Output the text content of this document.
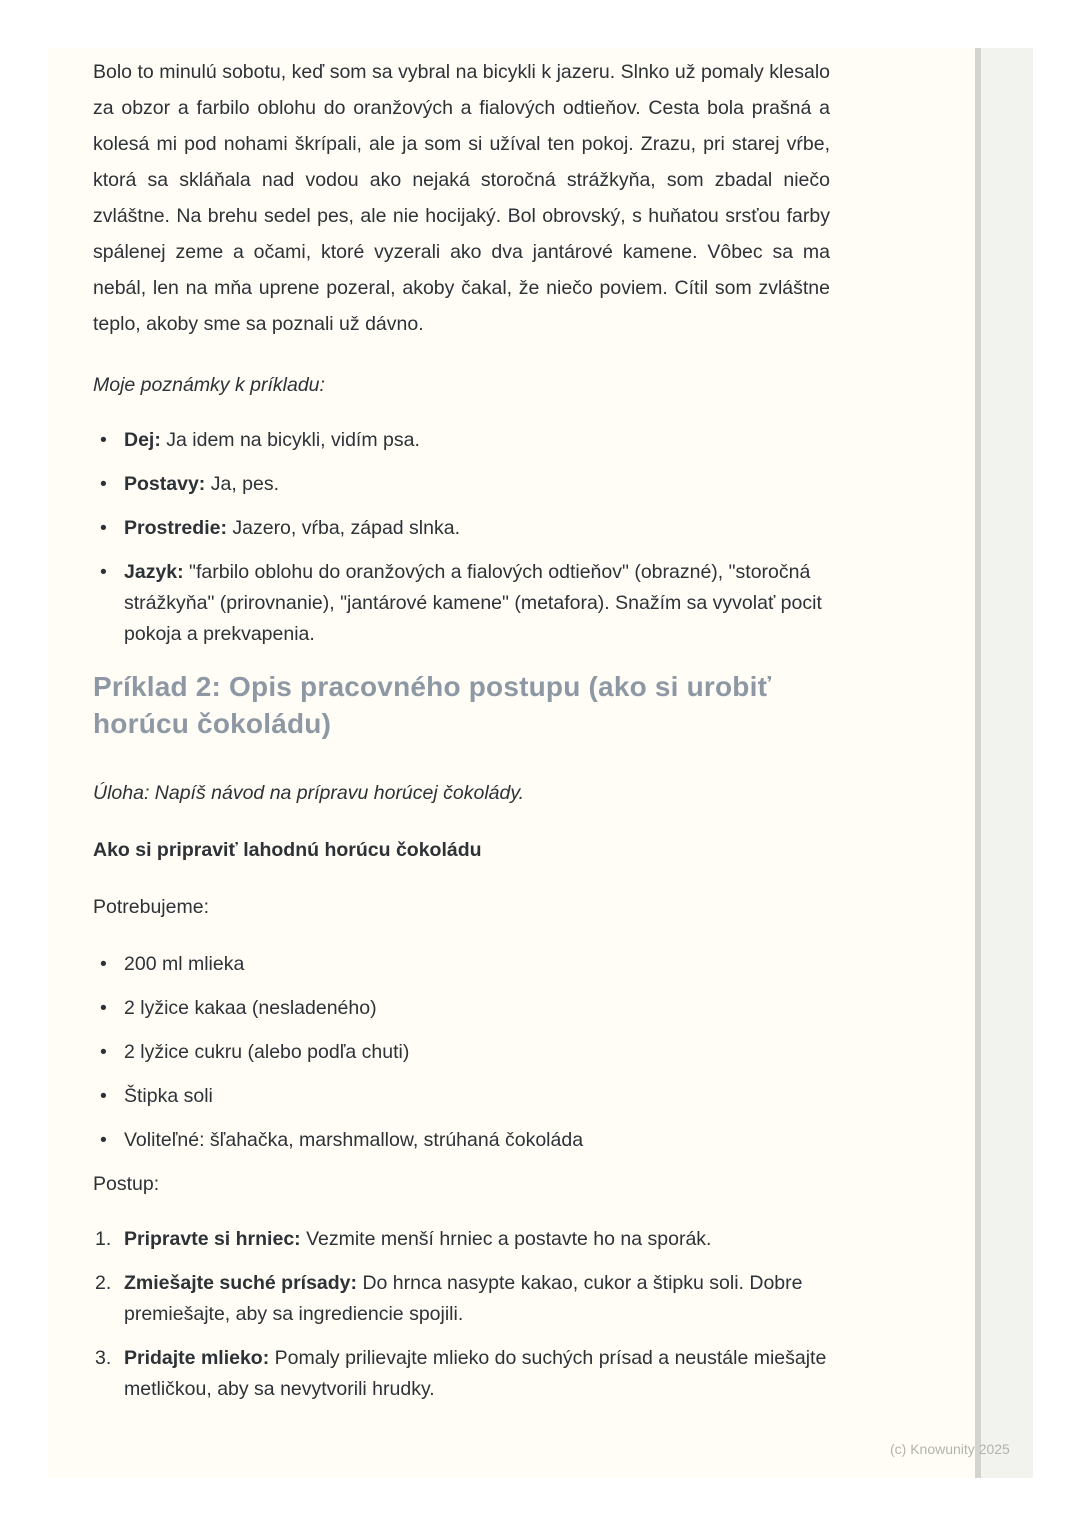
Bolo to minulú sobotu, keď som sa vybral na bicykli k jazeru. Slnko už pomaly klesalo za obzor a farbilo oblohu do oranžových a fialových odtieňov. Cesta bola prašná a kolesá mi pod nohami škrípali, ale ja som si užíval ten pokoj. Zrazu, pri starej vŕbe, ktorá sa skláňala nad vodou ako nejaká storočná strážkyňa, som zbadal niečo zvláštne. Na brehu sedel pes, ale nie hocijaký. Bol obrovský, s huňatou srsťou farby spálenej zeme a očami, ktoré vyzerali ako dva jantárové kamene. Vôbec sa ma nebál, len na mňa uprene pozeral, akoby čakal, že niečo poviem. Cítil som zvláštne teplo, akoby sme sa poznali už dávno.

Moje poznámky k príkladu:

• Dej: Ja idem na bicykli, vidím psa.
• Postavy: Ja, pes.
• Prostredie: Jazero, vŕba, západ slnka.
• Jazyk: "farbilo oblohu do oranžových a fialových odtieňov" (obrazné), "storočná strážkyňa" (prirovnanie), "jantárové kamene" (metafora). Snažím sa vyvolať pocit pokoja a prekvapenia.
Príklad 2: Opis pracovného postupu (ako si urobiť horúcu čokoládu)

Úloha: Napíš návod na prípravu horúcej čokolády.

Ako si pripraviť lahodnú horúcu čokoládu

Potrebujeme:

• 200 ml mlieka
• 2 lyžice kakaa (nesladeného)
• 2 lyžice cukru (alebo podľa chuti)
• Štipka soli
• Voliteľné: šľahačka, marshmallow, strúhaná čokoláda

Postup:

Pripravte si hrniec: Vezmite menší hrniec a postavte ho na sporák.
Zmiešajte suché prísady: Do hrnca nasypte kakao, cukor a štipku soli. Dobre premiešajte, aby sa ingrediencie spojili.
Pridajte mlieko: Pomaly prilievajte mlieko do suchých prísad a neustále miešajte metličkou, aby sa nevytvorili hrudky.
(c) Knowunity 2025
